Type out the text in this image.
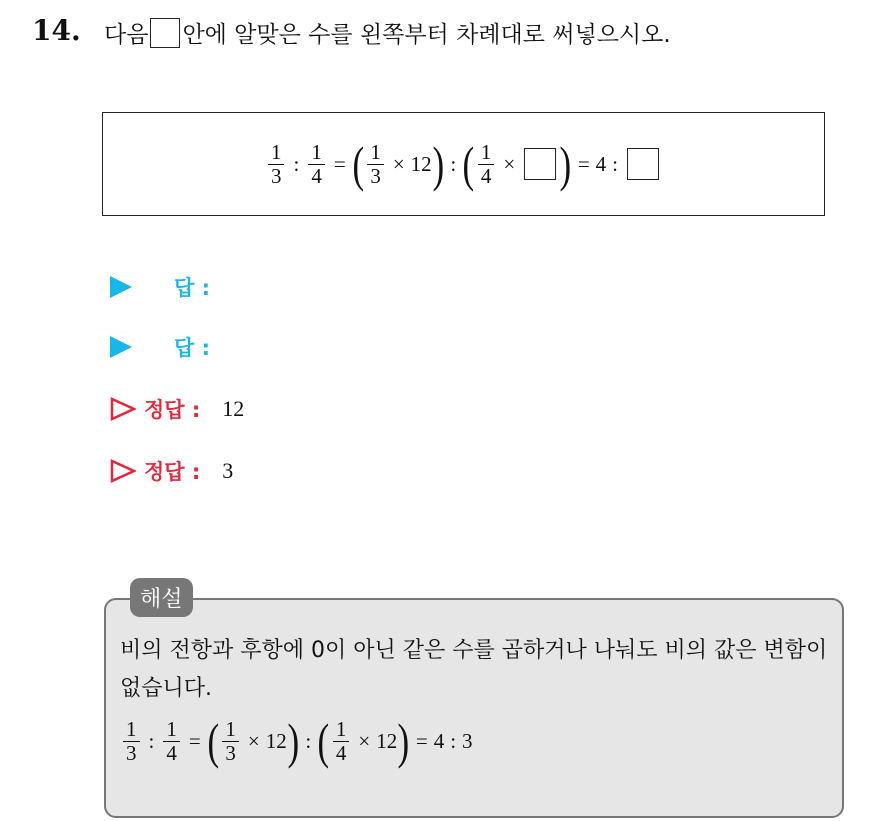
14. 다음 안에 알맞은 수를 왼쪽부터 차례대로 써넣으시오.
$\frac{1}{3}$ : $\frac{1}{4}$ = ( $\frac{1}{3} \times 12$ ) : ( $\frac{1}{4}$ × ) = 4 :
답 :
답 :
정답 : 12
정답 : 3
해설
비의 전항과 후항에 0이 아닌 같은 수를 곱하거나 나눠도 비의 값은 변함이 없습니다.
$\frac{1}{3}$ : $\frac{1}{4}$ = ( $\frac{1}{3} \times 12$ ) : ( $\frac{1}{4} \times 12$ ) = 4 : 3
